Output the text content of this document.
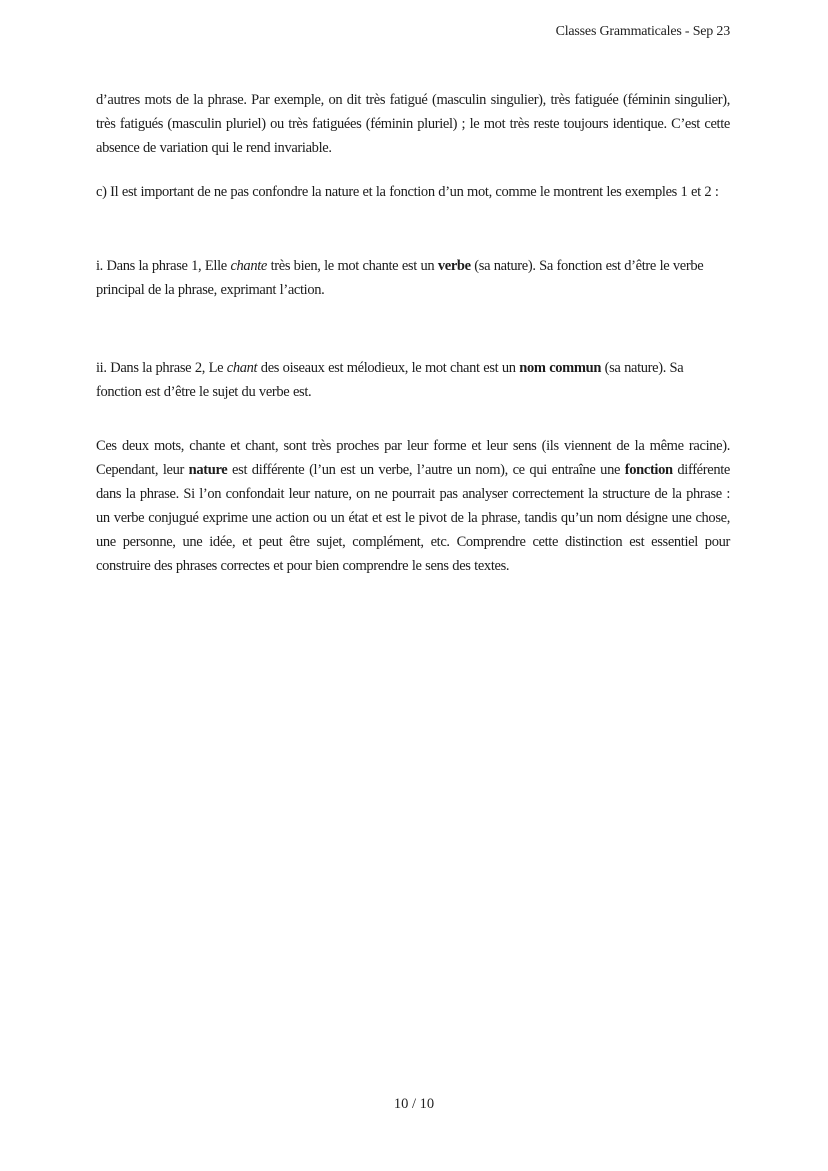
Classes Grammaticales - Sep 23

d’autres mots de la phrase. Par exemple, on dit très fatigué (masculin singulier), très fatiguée (féminin singulier), très fatigués (masculin pluriel) ou très fatiguées (féminin pluriel) ; le mot très reste toujours identique. C’est cette absence de variation qui le rend invariable.

c) Il est important de ne pas confondre la nature et la fonction d’un mot, comme le montrent les exemples 1 et 2 :

i. Dans la phrase 1, Elle chante très bien, le mot chante est un verbe (sa nature). Sa fonction est d’être le verbe principal de la phrase, exprimant l’action.

ii. Dans la phrase 2, Le chant des oiseaux est mélodieux, le mot chant est un nom commun (sa nature). Sa fonction est d’être le sujet du verbe est.

Ces deux mots, chante et chant, sont très proches par leur forme et leur sens (ils viennent de la même racine). Cependant, leur nature est différente (l’un est un verbe, l’autre un nom), ce qui entraîne une fonction différente dans la phrase. Si l’on confondait leur nature, on ne pourrait pas analyser correctement la structure de la phrase : un verbe conjugué exprime une action ou un état et est le pivot de la phrase, tandis qu’un nom désigne une chose, une personne, une idée, et peut être sujet, complément, etc. Comprendre cette distinction est essentiel pour construire des phrases correctes et pour bien comprendre le sens des textes.

10 / 10
